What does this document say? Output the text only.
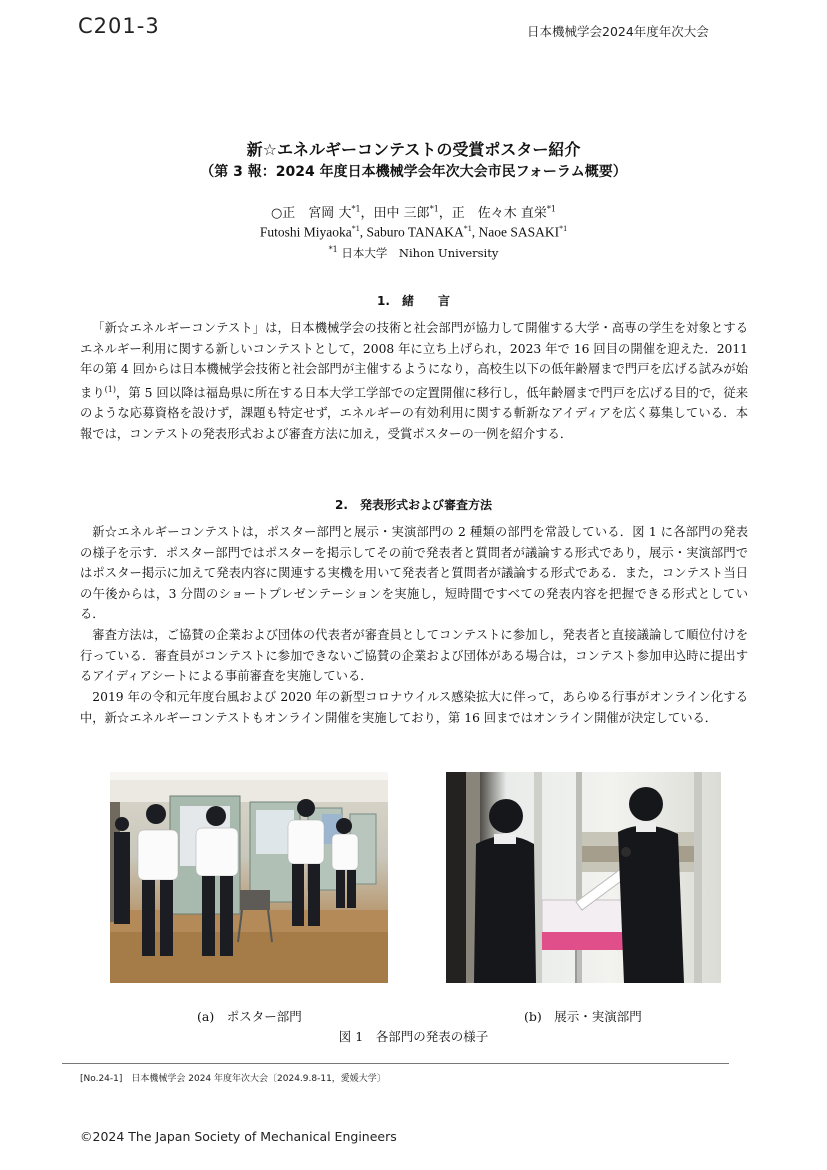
C201-3	日本機械学会2024年度年次大会
新☆エネルギーコンテストの受賞ポスター紹介
（第 3 報：2024 年度日本機械学会年次大会市民フォーラム概要）
○正　宮岡 大$^{*1}$，田中 三郎$^{*1}$，正　佐々木 直栄$^{*1}$
Futoshi Miyaoka$^{*1}$, Saburo TANAKA$^{*1}$, Naoe SASAKI$^{*1}$
$^{*1}$ 日本大学　Nihon University
1.　緒　　言
「新☆エネルギーコンテスト」は，日本機械学会の技術と社会部門が協力して開催する大学・高専の学生を対象とするエネルギー利用に関する新しいコンテストとして，2008 年に立ち上げられ，2023 年で 16 回目の開催を迎えた．2011 年の第 4 回からは日本機械学会技術と社会部門が主催するようになり，高校生以下の低年齢層まで門戸を広げる試みが始まり$^{(1)}$，第 5 回以降は福島県に所在する日本大学工学部での定置開催に移行し，低年齢層まで門戸を広げる目的で，従来のような応募資格を設けず，課題も特定せず，エネルギーの有効利用に関する斬新なアイディアを広く募集している．本報では，コンテストの発表形式および審査方法に加え，受賞ポスターの一例を紹介する．
2.　発表形式および審査方法
新☆エネルギーコンテストは，ポスター部門と展示・実演部門の 2 種類の部門を常設している．図 1 に各部門の発表の様子を示す．ポスター部門ではポスターを掲示してその前で発表者と質問者が議論する形式であり，展示・実演部門ではポスター掲示に加えて発表内容に関連する実機を用いて発表者と質問者が議論する形式である．また，コンテスト当日の午後からは，3 分間のショートプレゼンテーションを実施し，短時間ですべての発表内容を把握できる形式としている．
審査方法は，ご協賛の企業および団体の代表者が審査員としてコンテストに参加し，発表者と直接議論して順位付けを行っている．審査員がコンテストに参加できないご協賛の企業および団体がある場合は，コンテスト参加申込時に提出するアイディアシートによる事前審査を実施している．
2019 年の令和元年度台風および 2020 年の新型コロナウイルス感染拡大に伴って，あらゆる行事がオンライン化する中，新☆エネルギーコンテストもオンライン開催を実施しており，第 16 回まではオンライン開催が決定している．
(a)　ポスター部門	(b)　展示・実演部門
図 1　各部門の発表の様子
[No.24-1]　日本機械学会 2024 年度年次大会〔2024.9.8-11，愛媛大学〕
©2024 The Japan Society of Mechanical Engineers
